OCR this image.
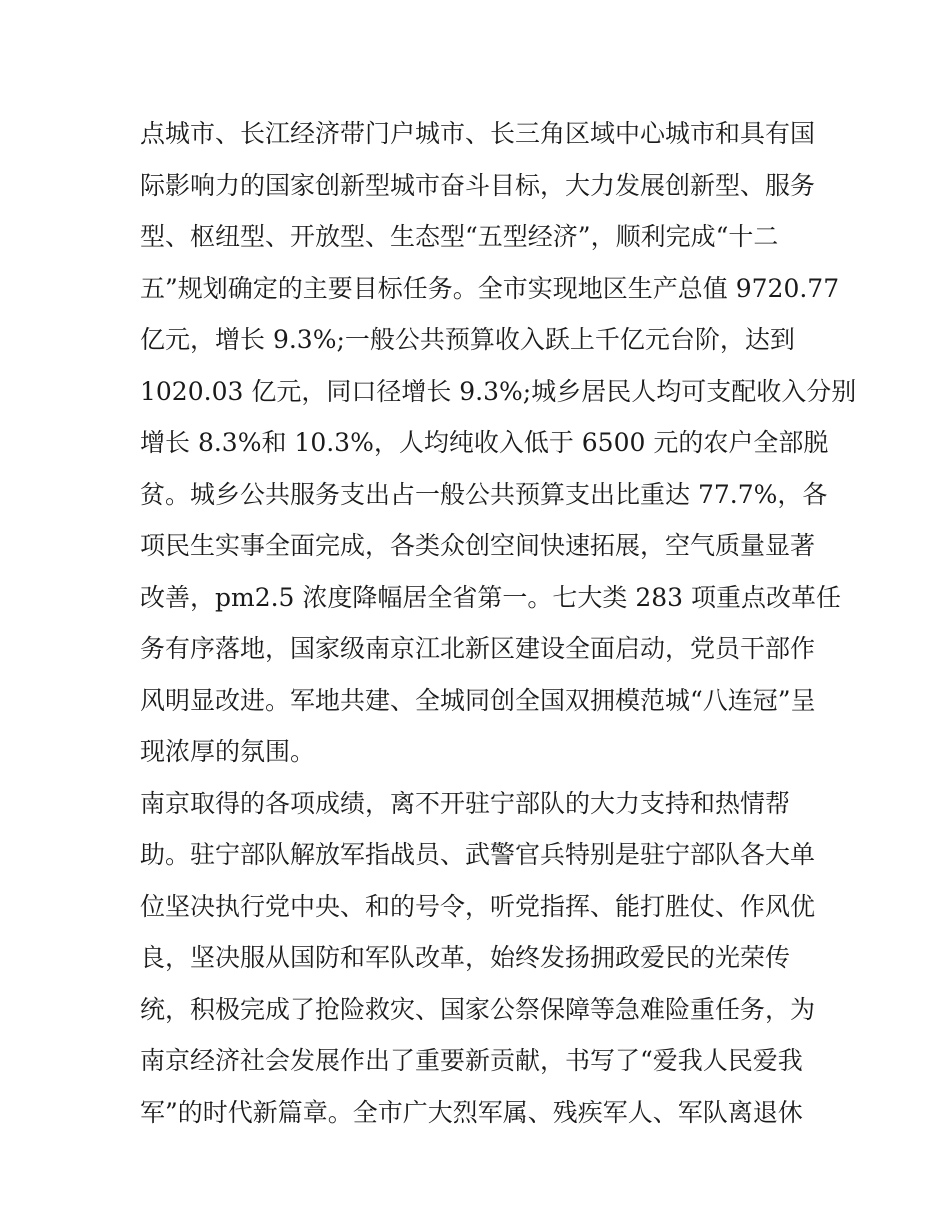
点城市、长江经济带门户城市、长三角区域中心城市和具有国
际影响力的国家创新型城市奋斗目标，大力发展创新型、服务
型、枢纽型、开放型、生态型“五型经济”，顺利完成“十二
五”规划确定的主要目标任务。全市实现地区生产总值 9720.77
亿元，增长 9.3%;一般公共预算收入跃上千亿元台阶，达到
1020.03 亿元，同口径增长 9.3%;城乡居民人均可支配收入分别
增长 8.3%和 10.3%，人均纯收入低于 6500 元的农户全部脱
贫。城乡公共服务支出占一般公共预算支出比重达 77.7%，各
项民生实事全面完成，各类众创空间快速拓展，空气质量显著
改善，pm2.5 浓度降幅居全省第一。七大类 283 项重点改革任
务有序落地，国家级南京江北新区建设全面启动，党员干部作
风明显改进。军地共建、全城同创全国双拥模范城“八连冠”呈
现浓厚的氛围。
南京取得的各项成绩，离不开驻宁部队的大力支持和热情帮
助。驻宁部队解放军指战员、武警官兵特别是驻宁部队各大单
位坚决执行党中央、和的号令，听党指挥、能打胜仗、作风优
良，坚决服从国防和军队改革，始终发扬拥政爱民的光荣传
统，积极完成了抢险救灾、国家公祭保障等急难险重任务，为
南京经济社会发展作出了重要新贡献，书写了“爱我人民爱我
军”的时代新篇章。全市广大烈军属、残疾军人、军队离退休
